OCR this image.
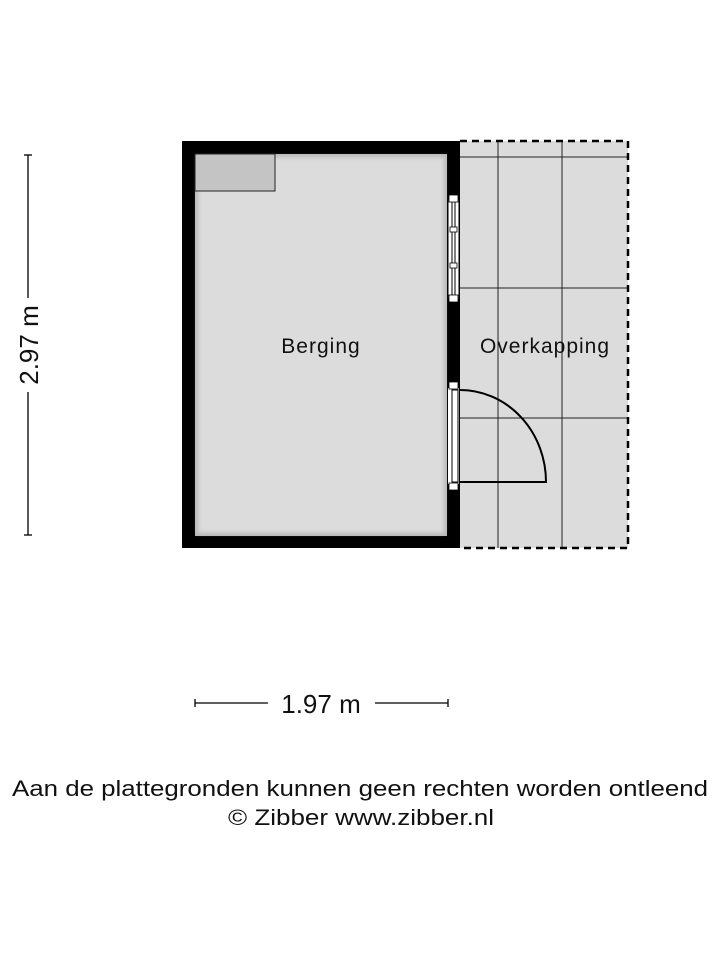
Berging	Overkapping
2.97 m
1.97 m
Aan de plattegronden kunnen geen rechten worden ontleend
© Zibber www.zibber.nl
